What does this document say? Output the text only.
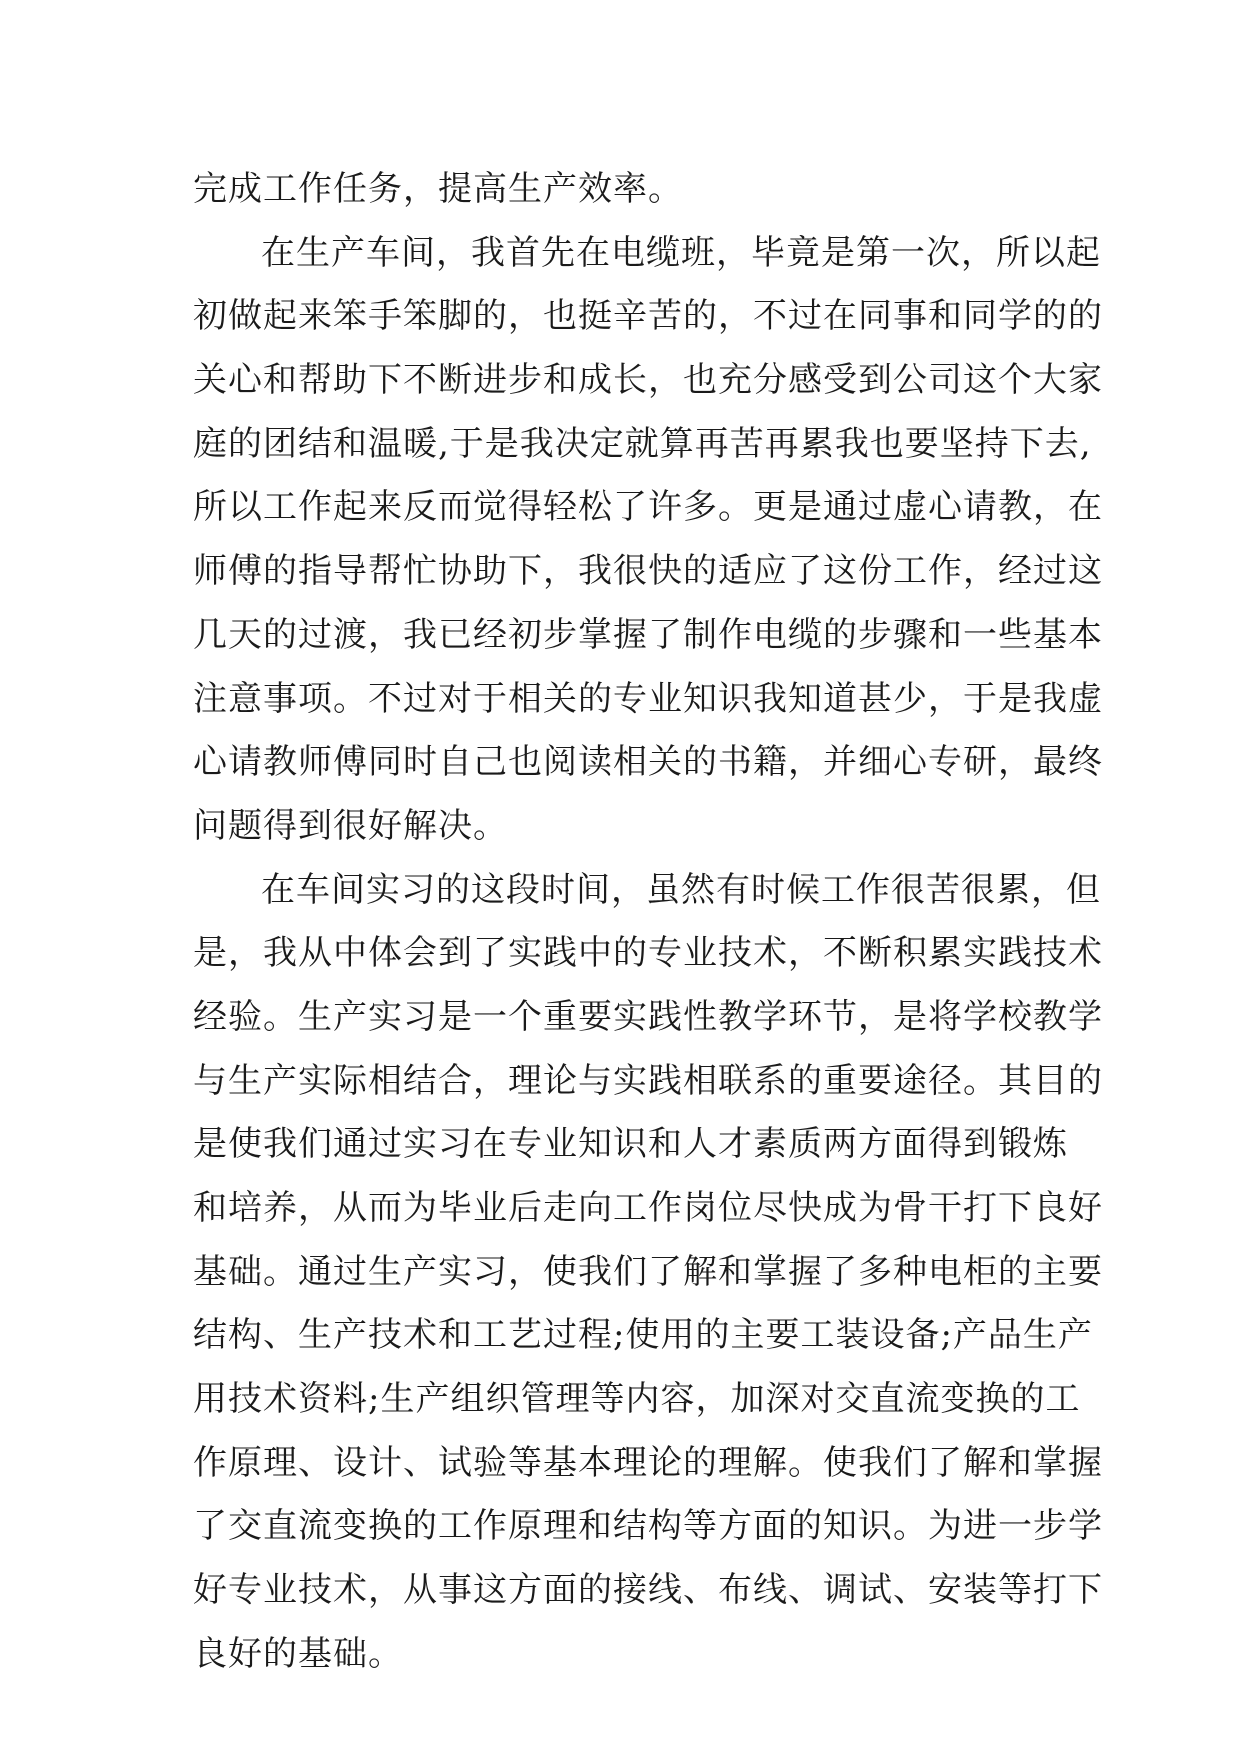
完成工作任务，提高生产效率。
在生产车间，我首先在电缆班，毕竟是第一次，所以起
初做起来笨手笨脚的，也挺辛苦的，不过在同事和同学的的
关心和帮助下不断进步和成长，也充分感受到公司这个大家
庭的团结和温暖,于是我决定就算再苦再累我也要坚持下去,
所以工作起来反而觉得轻松了许多。更是通过虚心请教，在
师傅的指导帮忙协助下，我很快的适应了这份工作，经过这
几天的过渡，我已经初步掌握了制作电缆的步骤和一些基本
注意事项。不过对于相关的专业知识我知道甚少，于是我虚
心请教师傅同时自己也阅读相关的书籍，并细心专研，最终
问题得到很好解决。
在车间实习的这段时间，虽然有时候工作很苦很累，但
是，我从中体会到了实践中的专业技术，不断积累实践技术
经验。生产实习是一个重要实践性教学环节，是将学校教学
与生产实际相结合，理论与实践相联系的重要途径。其目的
是使我们通过实习在专业知识和人才素质两方面得到锻炼
和培养，从而为毕业后走向工作岗位尽快成为骨干打下良好
基础。通过生产实习，使我们了解和掌握了多种电柜的主要
结构、生产技术和工艺过程;使用的主要工装设备;产品生产
用技术资料;生产组织管理等内容，加深对交直流变换的工
作原理、设计、试验等基本理论的理解。使我们了解和掌握
了交直流变换的工作原理和结构等方面的知识。为进一步学
好专业技术，从事这方面的接线、布线、调试、安装等打下
良好的基础。
